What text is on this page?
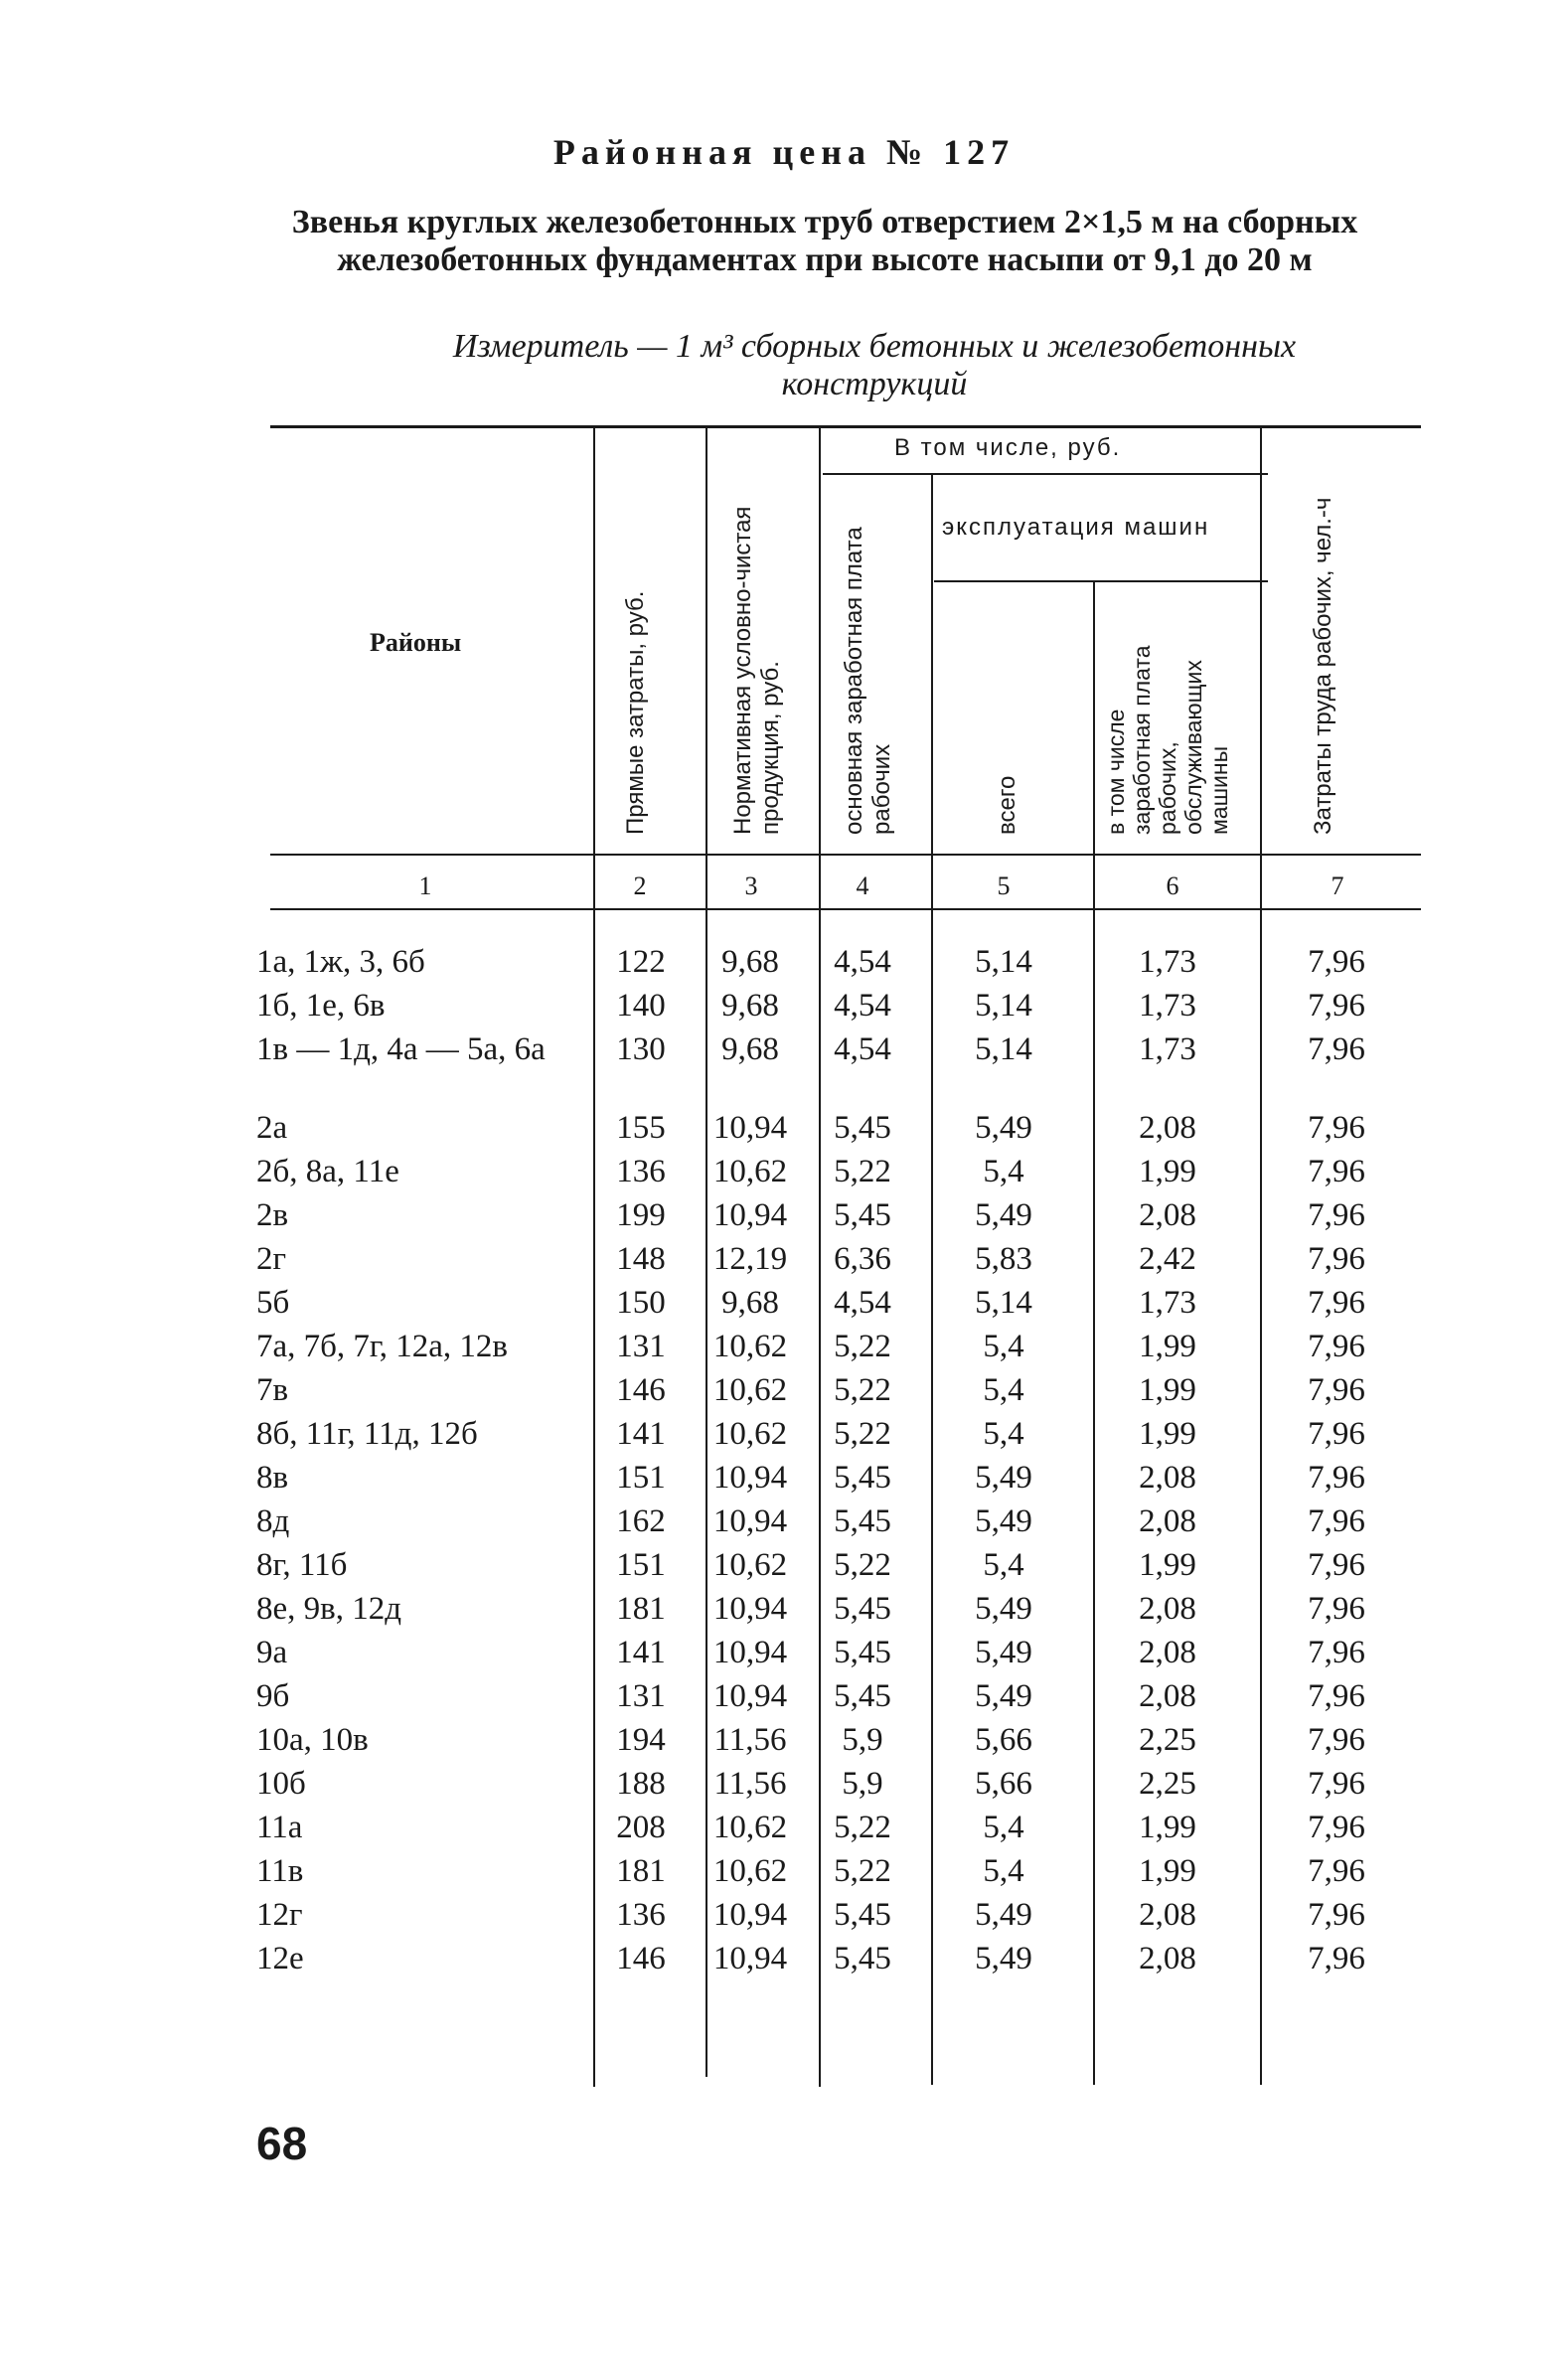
Районная цена № 127
Звенья круглых железобетонных труб отверстием 2×1,5 м на сборных железобетонных фундаментах при высоте насыпи от 9,1 до 20 м
Измеритель — 1 м³ сборных бетонных и железобетонных конструкций
Районы	Прямые затраты, руб.	Нормативная условно-чистая продукция, руб.
В том числе, руб.
основная заработная плата рабочих
эксплуатация машин
всего	в том числе заработная плата рабочих, обслуживающих машины	Затраты труда рабочих, чел.-ч
1	2	3	4	5	6	7
1а, 1ж, 3, 6б	122	9,68	4,54	5,14	1,73	7,96
1б, 1е, 6в	140	9,68	4,54	5,14	1,73	7,96
1в — 1д, 4а — 5а, 6а	130	9,68	4,54	5,14	1,73	7,96
2а	155	10,94	5,45	5,49	2,08	7,96
2б, 8а, 11е	136	10,62	5,22	5,4	1,99	7,96
2в	199	10,94	5,45	5,49	2,08	7,96
2г	148	12,19	6,36	5,83	2,42	7,96
5б	150	9,68	4,54	5,14	1,73	7,96
7а, 7б, 7г, 12а, 12в	131	10,62	5,22	5,4	1,99	7,96
7в	146	10,62	5,22	5,4	1,99	7,96
8б, 11г, 11д, 12б	141	10,62	5,22	5,4	1,99	7,96
8в	151	10,94	5,45	5,49	2,08	7,96
8д	162	10,94	5,45	5,49	2,08	7,96
8г, 11б	151	10,62	5,22	5,4	1,99	7,96
8е, 9в, 12д	181	10,94	5,45	5,49	2,08	7,96
9а	141	10,94	5,45	5,49	2,08	7,96
9б	131	10,94	5,45	5,49	2,08	7,96
10а, 10в	194	11,56	5,9	5,66	2,25	7,96
10б	188	11,56	5,9	5,66	2,25	7,96
11а	208	10,62	5,22	5,4	1,99	7,96
11в	181	10,62	5,22	5,4	1,99	7,96
12г	136	10,94	5,45	5,49	2,08	7,96
12е	146	10,94	5,45	5,49	2,08	7,96
68
